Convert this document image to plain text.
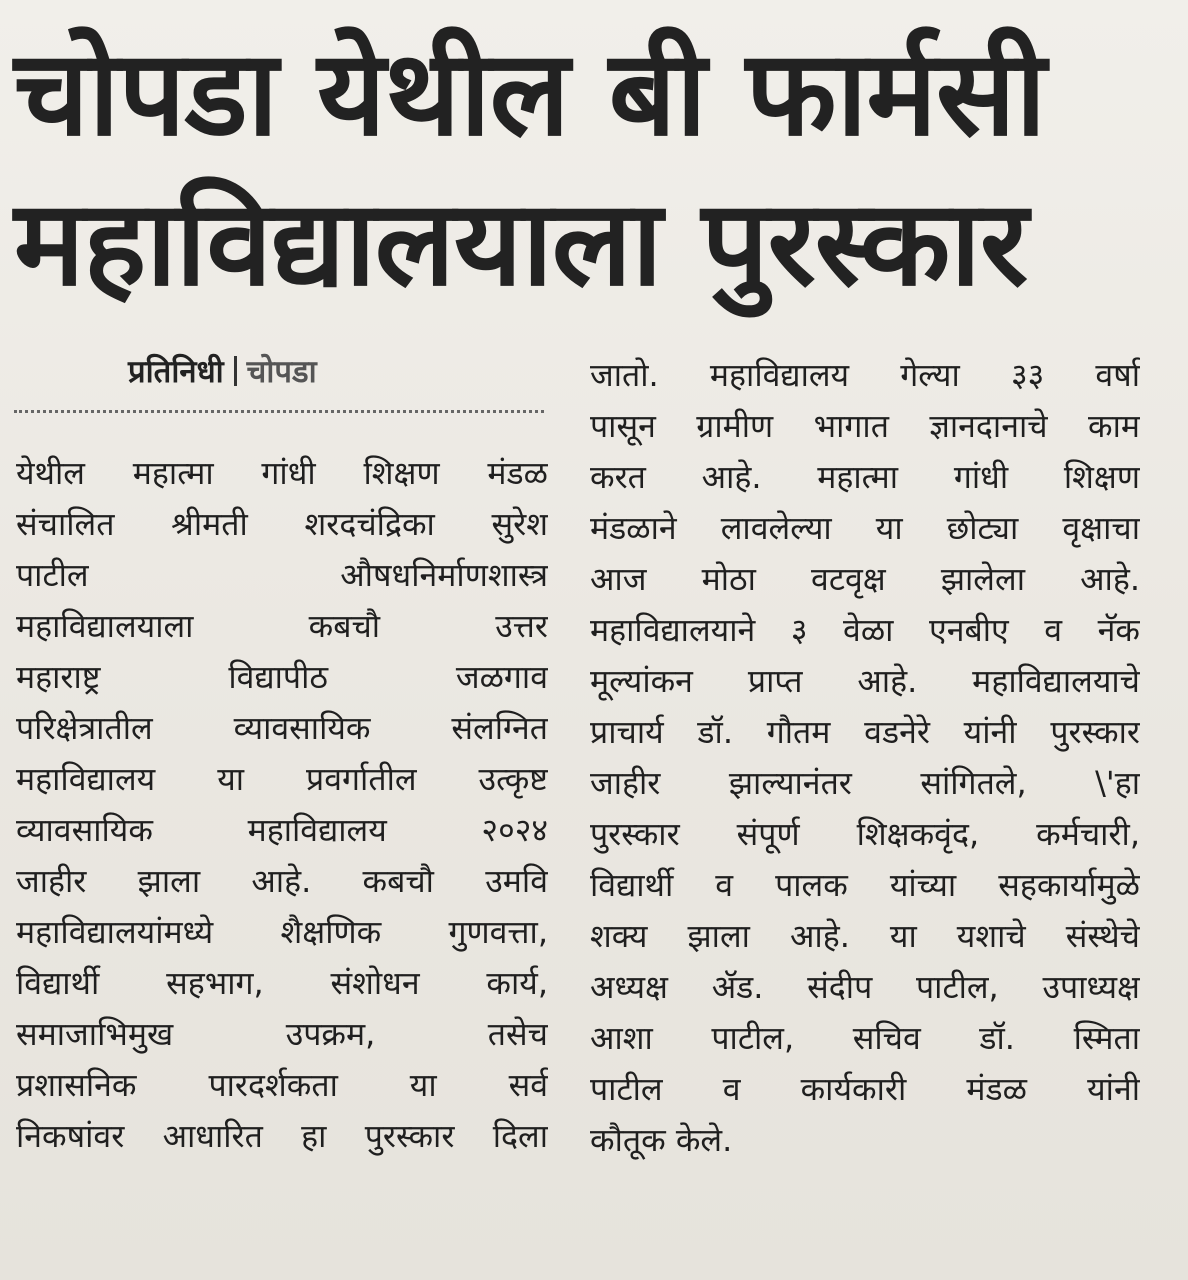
चोपडा येथील बी फार्मसी
महाविद्यालयाला पुरस्कार
प्रतिनिधी चोपडा
येथील महात्मा गांधी शिक्षण मंडळ
संचालित श्रीमती शरदचंद्रिका सुरेश
पाटील औषधनिर्माणशास्त्र
महाविद्यालयाला कबचौ उत्तर
महाराष्ट्र विद्यापीठ जळगाव
परिक्षेत्रातील व्यावसायिक संलग्नित
महाविद्यालय या प्रवर्गातील उत्कृष्ट
व्यावसायिक महाविद्यालय २०२४
जाहीर झाला आहे. कबचौ उमवि
महाविद्यालयांमध्ये शैक्षणिक गुणवत्ता,
विद्यार्थी सहभाग, संशोधन कार्य,
समाजाभिमुख उपक्रम, तसेच
प्रशासनिक पारदर्शकता या सर्व
निकषांवर आधारित हा पुरस्कार दिला
जातो. महाविद्यालय गेल्या ३३ वर्षा
पासून ग्रामीण भागात ज्ञानदानाचे काम
करत आहे. महात्मा गांधी शिक्षण
मंडळाने लावलेल्या या छोट्या वृक्षाचा
आज मोठा वटवृक्ष झालेला आहे.
महाविद्यालयाने ३ वेळा एनबीए व नॅक
मूल्यांकन प्राप्त आहे. महाविद्यालयाचे
प्राचार्य डॉ. गौतम वडनेरे यांनी पुरस्कार
जाहीर झाल्यानंतर सांगितले, \'हा
पुरस्कार संपूर्ण शिक्षकवृंद, कर्मचारी,
विद्यार्थी व पालक यांच्या सहकार्यामुळे
शक्य झाला आहे. या यशाचे संस्थेचे
अध्यक्ष ॲड. संदीप पाटील, उपाध्यक्ष
आशा पाटील, सचिव डॉ. स्मिता
पाटील व कार्यकारी मंडळ यांनी
कौतूक केले.
